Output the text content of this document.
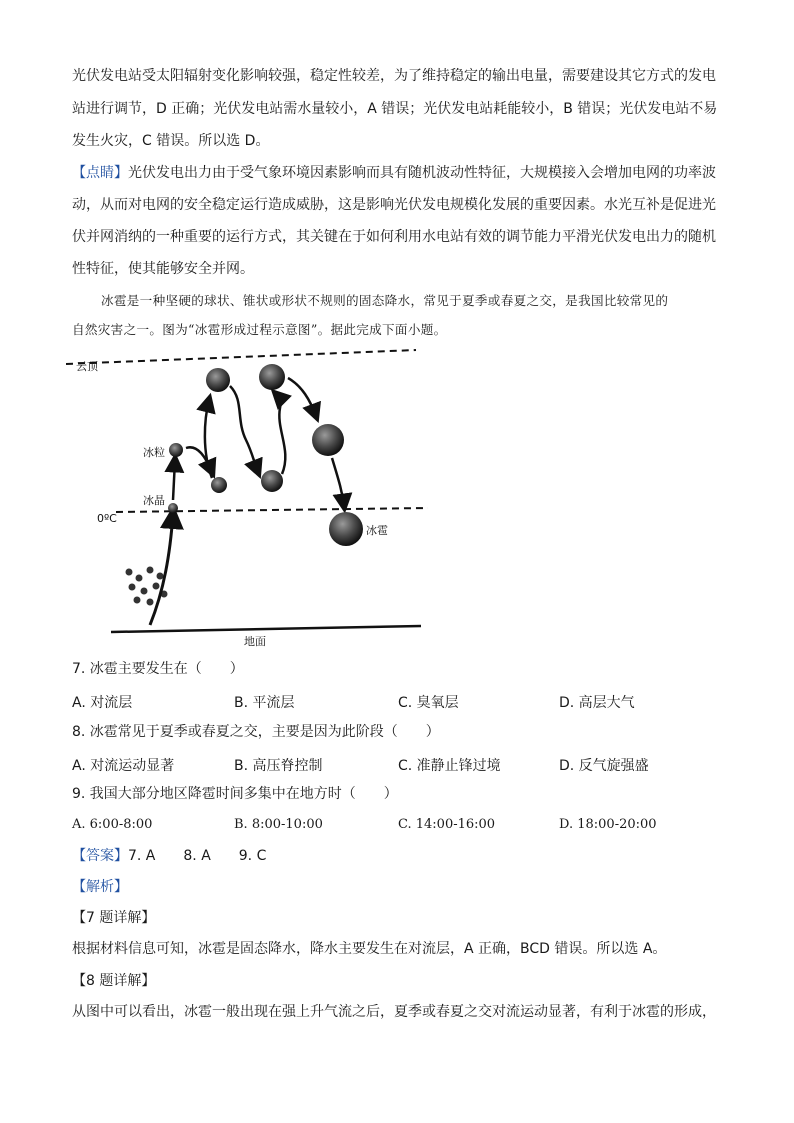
光伏发电站受太阳辐射变化影响较强，稳定性较差，为了维持稳定的输出电量，需要建设其它方式的发电
站进行调节，D 正确；光伏发电站需水量较小，A 错误；光伏发电站耗能较小，B 错误；光伏发电站不易
发生火灾，C 错误。所以选 D。
【点睛】光伏发电出力由于受气象环境因素影响而具有随机波动性特征，大规模接入会增加电网的功率波
动，从而对电网的安全稳定运行造成威胁，这是影响光伏发电规模化发展的重要因素。水光互补是促进光
伏并网消纳的一种重要的运行方式，其关键在于如何利用水电站有效的调节能力平滑光伏发电出力的随机
性特征，使其能够安全并网。
冰雹是一种坚硬的球状、锥状或形状不规则的固态降水，常见于夏季或春夏之交，是我国比较常见的
自然灾害之一。图为“冰雹形成过程示意图”。据此完成下面小题。
云顶
0ºC
地面
冰晶
冰粒
冰雹
7. 冰雹主要发生在（　　）
A. 对流层	B. 平流层	C. 臭氧层	D. 高层大气
8. 冰雹常见于夏季或春夏之交，主要是因为此阶段（　　）
A. 对流运动显著	B. 高压脊控制	C. 准静止锋过境	D. 反气旋强盛
9. 我国大部分地区降雹时间多集中在地方时（　　）
A. 6:00-8:00	B. 8:00-10:00	C. 14:00-16:00	D. 18:00-20:00
【答案】7. A　　8. A　　9. C
【解析】
【7 题详解】
根据材料信息可知，冰雹是固态降水，降水主要发生在对流层，A 正确，BCD 错误。所以选 A。
【8 题详解】
从图中可以看出，冰雹一般出现在强上升气流之后，夏季或春夏之交对流运动显著，有利于冰雹的形成，
